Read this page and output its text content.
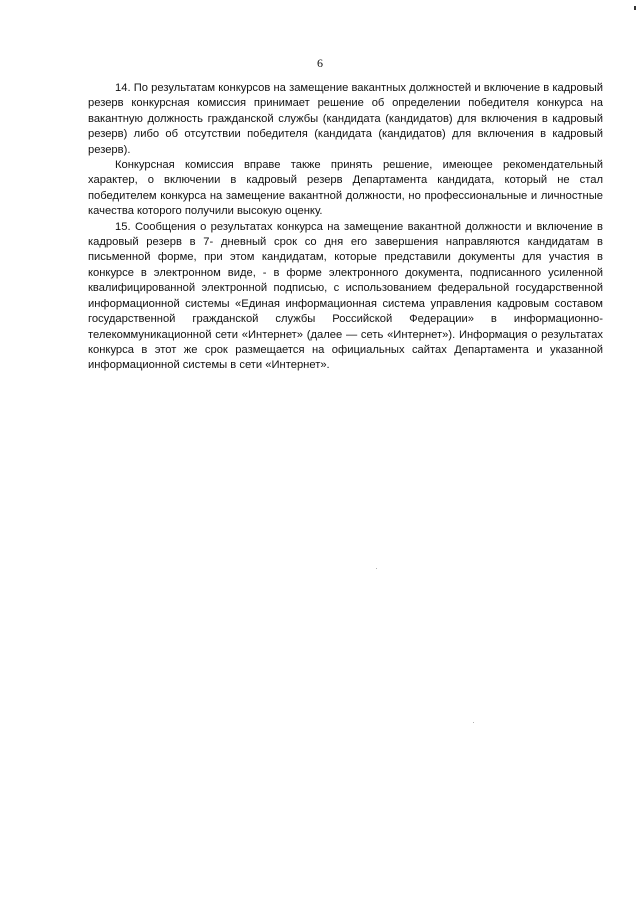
6

14. По результатам конкурсов на замещение вакантных должностей и включение в кадровый резерв конкурсная комиссия принимает решение об определении победителя конкурса на вакантную должность гражданской службы (кандидата (кандидатов) для включения в кадровый резерв) либо об отсутствии победителя (кандидата (кандидатов) для включения в кадровый резерв).

Конкурсная комиссия вправе также принять решение, имеющее рекомендательный характер, о включении в кадровый резерв Департамента кандидата, который не стал победителем конкурса на замещение вакантной должности, но профессиональные и личностные качества которого получили высокую оценку.

15. Сообщения о результатах конкурса на замещение вакантной должности и включение в кадровый резерв в 7- дневный срок со дня его завершения направляются кандидатам в письменной форме, при этом кандидатам, которые представили документы для участия в конкурсе в электронном виде, - в форме электронного документа, подписанного усиленной квалифицированной электронной подписью, с использованием федеральной государственной информационной системы «Единая информационная система управления кадровым составом государственной гражданской службы Российской Федерации» в информационно-телекоммуникационной сети «Интернет» (далее — сеть «Интернет»). Информация о результатах конкурса в этот же срок размещается на официальных сайтах Департамента и указанной информационной системы в сети «Интернет».
